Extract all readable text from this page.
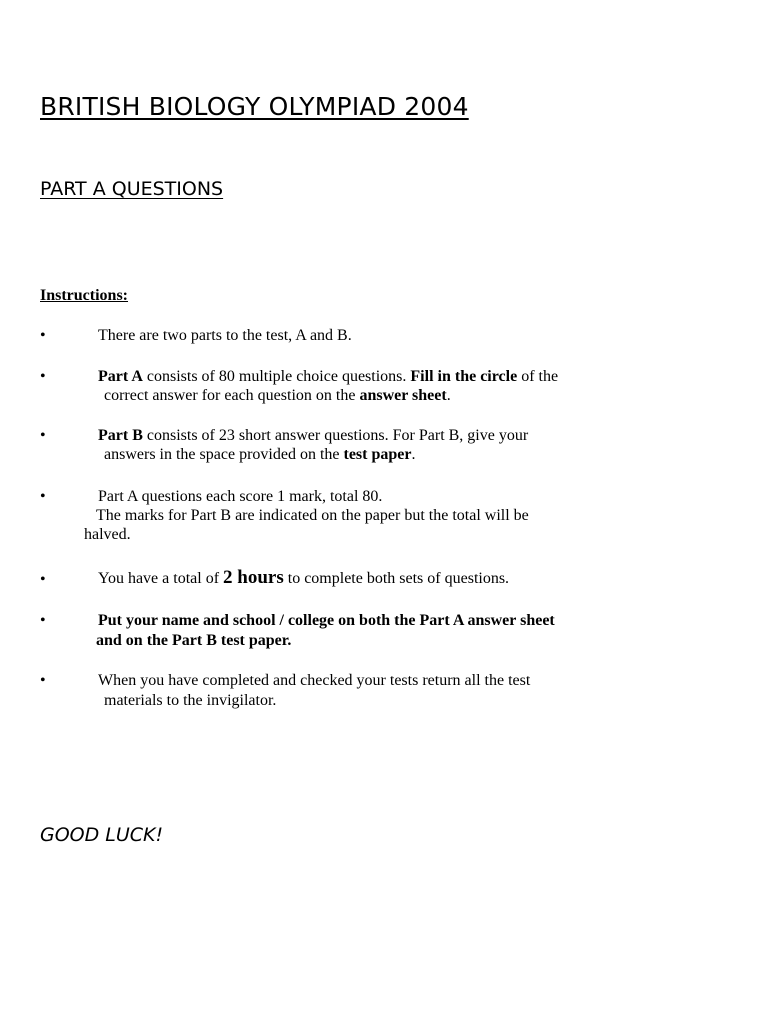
BRITISH BIOLOGY OLYMPIAD 2004
PART A QUESTIONS
Instructions:
•	There are two parts to the test, A and B.
•	Part A consists of 80 multiple choice questions. Fill in the circle of the
correct answer for each question on the answer sheet.
•	Part B consists of 23 short answer questions. For Part B, give your
answers in the space provided on the test paper.
•	Part A questions each score 1 mark, total 80.
The marks for Part B are indicated on the paper but the total will be
halved.
•	You have a total of 2 hours to complete both sets of questions.
•	Put your name and school / college on both the Part A answer sheet
and on the Part B test paper.
•	When you have completed and checked your tests return all the test
materials to the invigilator.
GOOD LUCK!
